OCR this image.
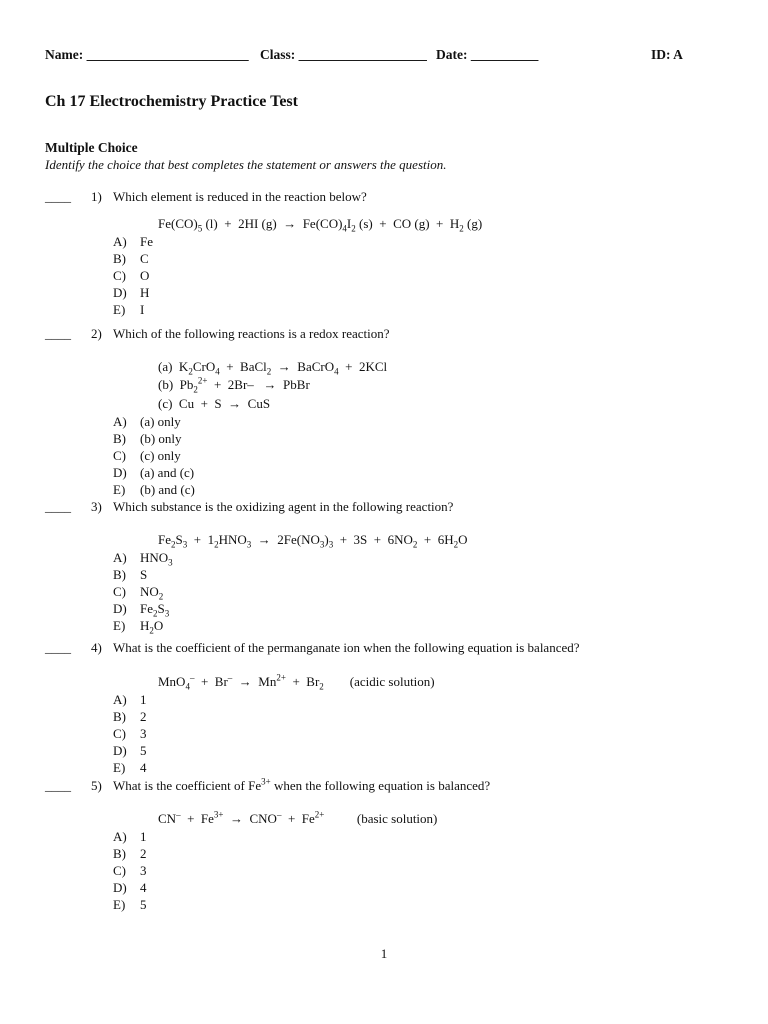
Name: ________________________ Class: ___________________ Date: __________	ID: A
Ch 17 Electrochemistry Practice Test
Multiple Choice
Identify the choice that best completes the statement or answers the question.
____ 1) Which element is reduced in the reaction below?
$Fe(CO)_5$ (l)  +  2HI $(g) \to Fe(CO)_4I_2$ (s)  +  CO $(g) + H_2$ (g)
A)	Fe
B)	C
C)	O
D)	H
E)	I
____ 2) Which of the following reactions is a redox reaction?
(a)  $K_2CrO_4$  +  BaCl$_2$  →  BaCrO$_4$  +  2KCl
(b)  $Pb_2^{2+} + 2Br-$   →  PbBr
(c)  Cu  +  S  →  CuS
A)	(a) only
B)	(b) only
C)	(c) only
D)	(a) and (c)
E)	(b) and (c)
____ 3) Which substance is the oxidizing agent in the following reaction?
$Fe_2S_3 + 1_2HNO_3 \to 2Fe(NO_3)_3 + 3S + 6NO_2 + 6H_2O$
A)	$HNO_3$
B)	S
C)	$NO_2$
D)	$Fe_2S_3$
E)	$H_2O$
____ 4) What is the coefficient of the permanganate ion when the following equation is balanced?
$MnO_4^- + Br^- \to Mn^{2+} + Br_2$        (acidic solution)
A)	1
B)	2
C)	3
D)	5
E)	4
____ 5) What is the coefficient of $Fe^{3+}$ when the following equation is balanced?
$CN^- + Fe^{3+} \to CNO^- + Fe^{2+}$          (basic solution)
A)	1
B)	2
C)	3
D)	4
E)	5
1
